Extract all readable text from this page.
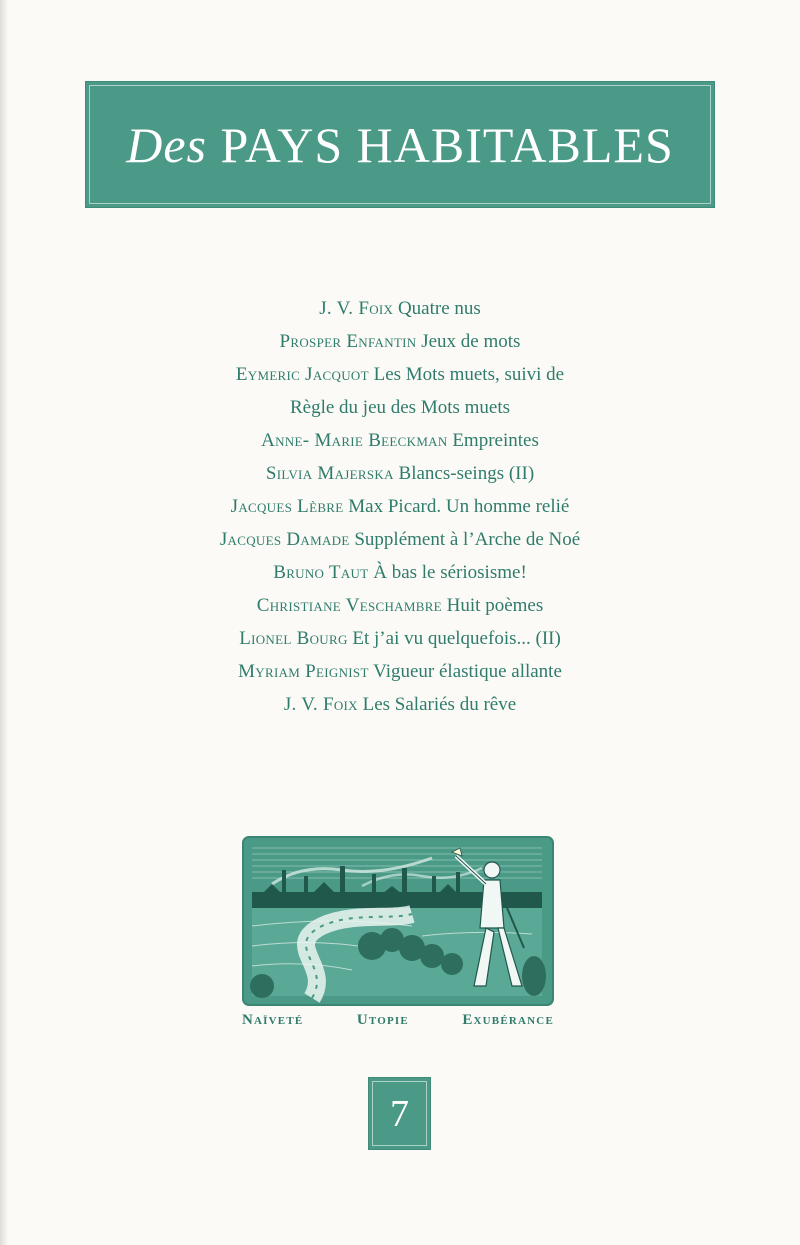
Des PAYS HABITABLES
J. V. Foix Quatre nus
Prosper Enfantin Jeux de mots
Eymeric Jacquot Les Mots muets, suivi de
Règle du jeu des Mots muets
Anne- Marie Beeckman Empreintes
Silvia Majerska Blancs-seings (II)
Jacques Lèbre Max Picard. Un homme relié
Jacques Damade Supplément à l’Arche de Noé
Bruno Taut À bas le sériosisme!
Christiane Veschambre Huit poèmes
Lionel Bourg Et j’ai vu quelquefois... (II)
Myriam Peignist Vigueur élastique allante
J. V. Foix Les Salariés du rêve
Naïveté	Utopie	Exubérance
7
